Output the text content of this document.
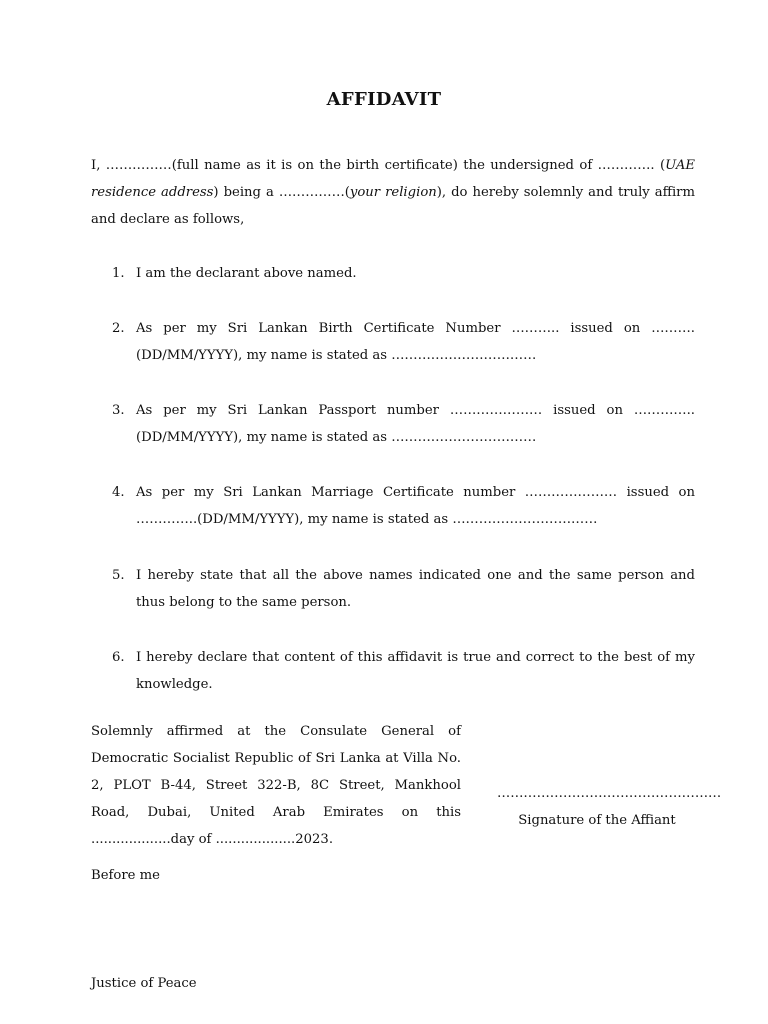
AFFIDAVIT
I, ……………(full name as it is on the birth certificate) the undersigned of …………. (UAE residence address) being a ……………(your religion), do hereby solemnly and truly affirm and declare as follows,
1. I am the declarant above named.
2. As per my Sri Lankan Birth Certificate Number ……….. issued on ………. (DD/MM/YYYY), my name is stated as ……………………………
3. As per my Sri Lankan Passport number ………………… issued on …………..(DD/MM/YYYY), my name is stated as ……………………………
4. As per my Sri Lankan Marriage Certificate number ………………… issued on …………..(DD/MM/YYYY), my name is stated as ……………………………
5. I hereby state that all the above names indicated one and the same person and thus belong to the same person.
6. I hereby declare that content of this affidavit is true and correct to the best of my knowledge.
Solemnly affirmed at the Consulate General of Democratic Socialist Republic of Sri Lanka at Villa No. 2, PLOT B-44, Street 322-B, 8C Street, Mankhool Road, Dubai, United Arab Emirates on this ...................day of ...................2023.
……………………………………………
Signature of the Affiant
Before me
Justice of Peace
